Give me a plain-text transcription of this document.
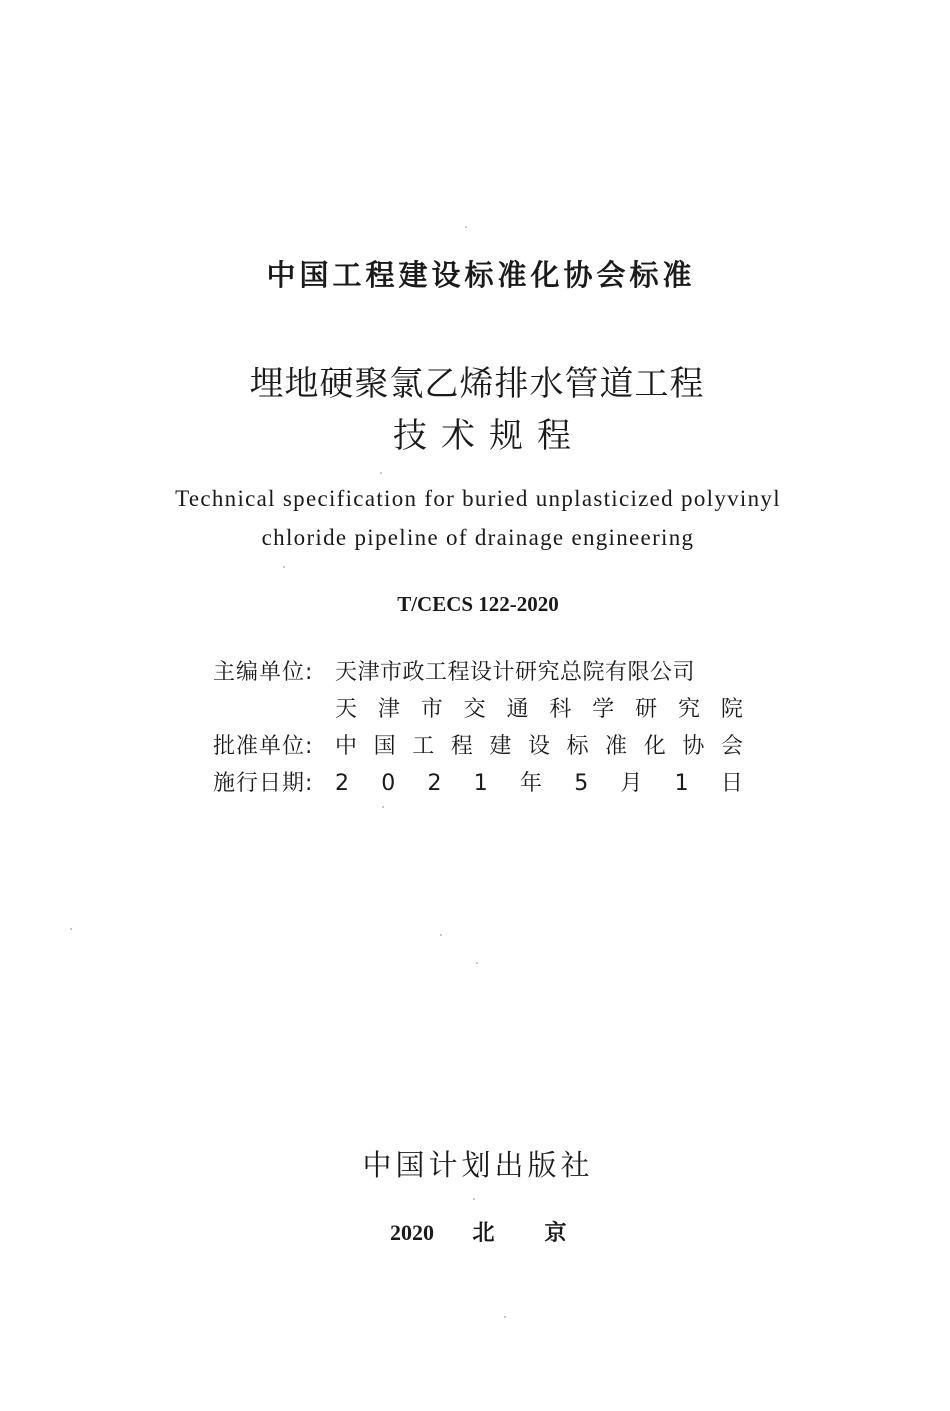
中国工程建设标准化协会标准
埋地硬聚氯乙烯排水管道工程
技术规程
Technical specification for buried unplasticized polyvinyl
chloride pipeline of drainage engineering
T/CECS 122-2020
主编单位: 天津市政工程设计研究总院有限公司
天 津 市 交 通 科 学 研 究 院
批准单位: 中 国 工 程 建 设 标 准 化 协 会
施行日期: 2 0 2 1 年 5 月 1 日
中国计划出版社
2020 北京
